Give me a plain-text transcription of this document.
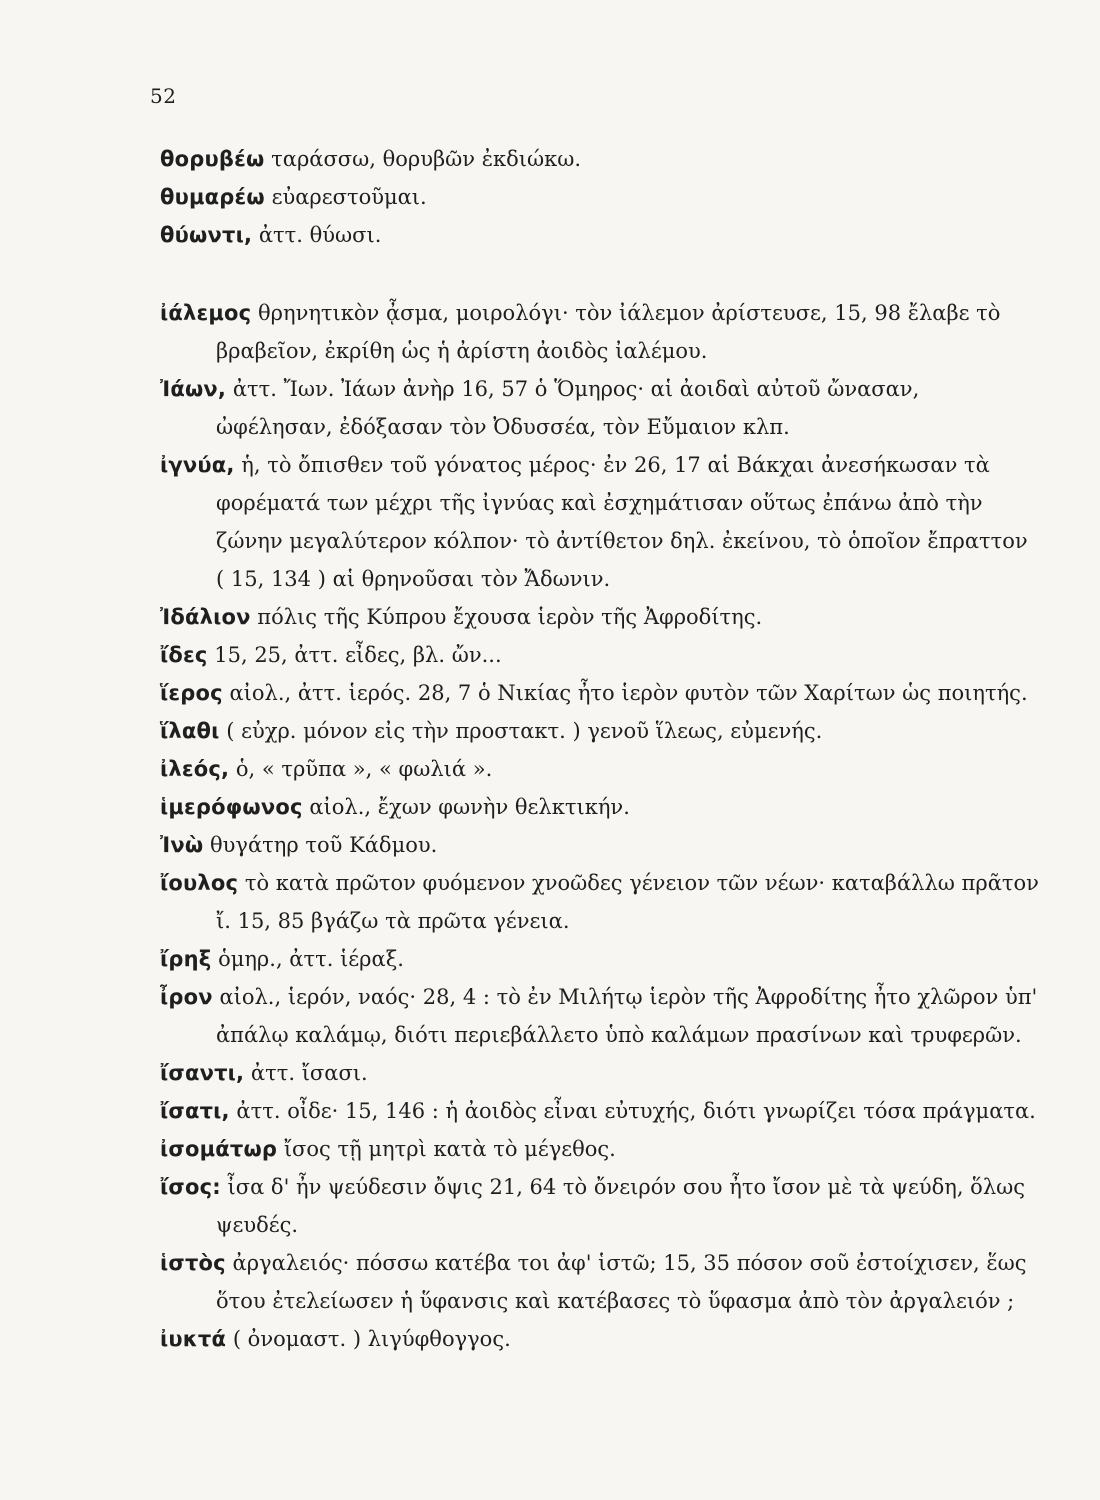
52

θορυβέω ταράσσω, θορυβῶν ἐκδιώκω.

θυμαρέω εὐαρεστοῦμαι.

θύωντι, ἀττ. θύωσι.

ἰάλεμος θρηνητικὸν ᾆσμα, μοιρολόγι· τὸν ἰάλεμον ἀρίστευσε, 15, 98 ἔλαβε τὸ βραβεῖον, ἐκρίθη ὡς ἡ ἀρίστη ἀοιδὸς ἰαλέμου.

Ἰάων, ἀττ. Ἴων. Ἰάων ἀνὴρ 16, 57 ὁ Ὅμηρος· αἱ ἀοιδαὶ αὐτοῦ ὤνασαν, ὠφέλησαν, ἐδόξασαν τὸν Ὀδυσσέα, τὸν Εὔμαιον κλπ.

ἰγνύα, ἡ, τὸ ὄπισθεν τοῦ γόνατος μέρος· ἐν 26, 17 αἱ Βάκχαι ἀνεσήκωσαν τὰ φορέματά των μέχρι τῆς ἰγνύας καὶ ἐσχημάτισαν οὕτως ἐπάνω ἀπὸ τὴν ζώνην μεγαλύτερον κόλπον· τὸ ἀντίθετον δηλ. ἐκείνου, τὸ ὁποῖον ἔπραττον ( 15, 134 ) αἱ θρηνοῦσαι τὸν Ἄδωνιν.

Ἰδάλιον πόλις τῆς Κύπρου ἔχουσα ἱερὸν τῆς Ἀφροδίτης.

ἴδες 15, 25, ἀττ. εἶδες, βλ. ὤν...

ἵερος αἰολ., ἀττ. ἱερός. 28, 7 ὁ Νικίας ἦτο ἱερὸν φυτὸν τῶν Χαρίτων ὡς ποιητής.

ἵλαθι ( εὐχρ. μόνον εἰς τὴν προστακτ. ) γενοῦ ἵλεως, εὐμενής.

ἰλεός, ὁ, « τρῦπα », « φωλιά ».

ἱμερόφωνος αἰολ., ἔχων φωνὴν θελκτικήν.

Ἰνὼ θυγάτηρ τοῦ Κάδμου.

ἴουλος τὸ κατὰ πρῶτον φυόμενον χνοῶδες γένειον τῶν νέων· καταβάλλω πρᾶτον ἴ. 15, 85 βγάζω τὰ πρῶτα γένεια.

ἴρηξ ὁμηρ., ἀττ. ἱέραξ.

ἶρον αἰολ., ἱερόν, ναός· 28, 4 : τὸ ἐν Μιλήτῳ ἱερὸν τῆς Ἀφροδίτης ἦτο χλῶρον ὑπ' ἀπάλῳ καλάμῳ, διότι περιεβάλλετο ὑπὸ καλάμων πρασίνων καὶ τρυφερῶν.

ἴσαντι, ἀττ. ἴσασι.

ἴσατι, ἀττ. οἶδε· 15, 146 : ἡ ἀοιδὸς εἶναι εὐτυχής, διότι γνωρίζει τόσα πράγματα.

ἰσομάτωρ ἴσος τῇ μητρὶ κατὰ τὸ μέγεθος.

ἴσος: ἶσα δ' ἦν ψεύδεσιν ὄψις 21, 64 τὸ ὄνειρόν σου ἦτο ἴσον μὲ τὰ ψεύδη, ὅλως ψευδές.

ἱστὸς ἀργαλειός· πόσσω κατέβα τοι ἀφ' ἱστῶ; 15, 35 πόσον σοῦ ἐστοίχισεν, ἕως ὅτου ἐτελείωσεν ἡ ὕφανσις καὶ κατέβασες τὸ ὕφασμα ἀπὸ τὸν ἀργαλειόν ;

ἰυκτά ( ὀνομαστ. ) λιγύφθογγος.
